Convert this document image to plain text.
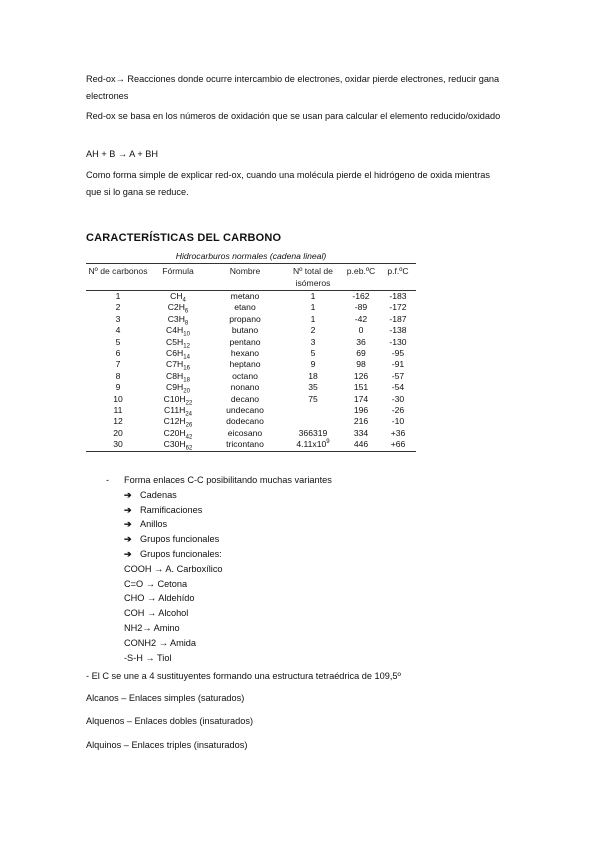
Red-ox→ Reacciones donde ocurre intercambio de electrones, oxidar pierde electrones, reducir gana electrones
Red-ox se basa en los números de oxidación que se usan para calcular el elemento reducido/oxidado
AH + B → A + BH
Como forma simple de explicar red-ox, cuando una molécula pierde el hidrógeno de oxida mientras que si lo gana se reduce.
CARACTERÍSTICAS DEL CARBONO
Hidrocarburos normales (cadena lineal)
Nº de carbonos	Fórmula	Nombre	Nº total de isómeros	p.eb.ºC	p.f.ºC
1	$CH_4$	metano	1	-162	-183
2	$C2H_6$	etano	1	-89	-172
3	$C3H_8$	propano	1	-42	-187
4	$C4H_{10}$	butano	2	0	-138
5	$C5H_{12}$	pentano	3	36	-130
6	$C6H_{14}$	hexano	5	69	-95
7	$C7H_{16}$	heptano	9	98	-91
8	$C8H_{18}$	octano	18	126	-57
9	$C9H_{20}$	nonano	35	151	-54
10	$C10H_{22}$	decano	75	174	-30
11	$C11H_{24}$	undecano		196	-26
12	$C12H_{26}$	dodecano		216	-10
20	$C20H_{42}$	eicosano	366319	334	+36
30	$C30H_{62}$	tricontano	$4.11x10^9$	446	+66
- Forma enlaces C-C posibilitando muchas variantes
➔ Cadenas
➔ Ramificaciones
➔ Anillos
➔ Grupos funcionales
➔ Grupos funcionales:
COOH → A. Carboxílico
C=O → Cetona
CHO → Aldehído
COH → Alcohol
NH2→ Amino
CONH2 → Amida
-S-H → Tiol
- El C se une a 4 sustituyentes formando una estructura tetraédrica de 109,5º
Alcanos – Enlaces simples (saturados)
Alquenos – Enlaces dobles (insaturados)
Alquinos – Enlaces triples (insaturados)
